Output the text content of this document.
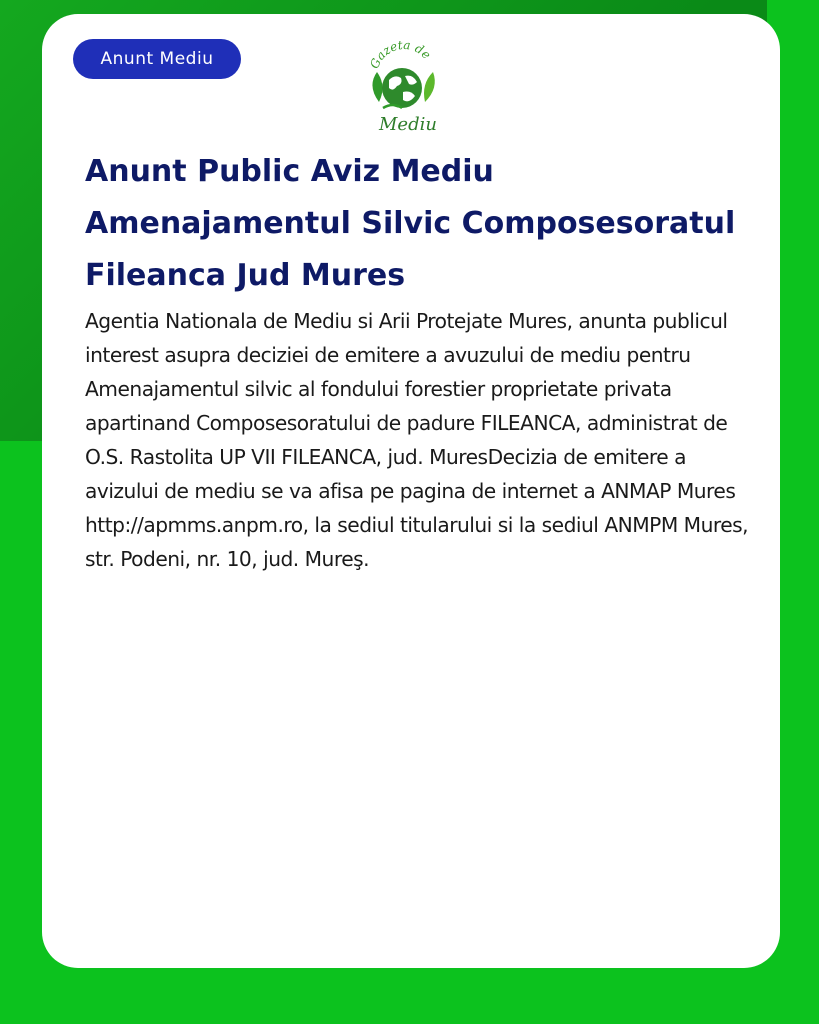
Anunt Mediu	Gazeta de
Mediu
Anunt Public Aviz Mediu Amenajamentul Silvic Composesoratul Fileanca Jud Mures

Agentia Nationala de Mediu si Arii Protejate Mures, anunta publicul interest asupra deciziei de emitere a avuzului de mediu pentru Amenajamentul silvic al fondului forestier proprietate privata apartinand Composesoratului de padure FILEANCA, administrat de O.S. Rastolita UP VII FILEANCA, jud. MuresDecizia de emitere a avizului de mediu se va afisa pe pagina de internet a ANMAP Mures http://apmms.anpm.ro, la sediul titularului si la sediul ANMPM Mures, str. Podeni, nr. 10, jud. Mureş.
